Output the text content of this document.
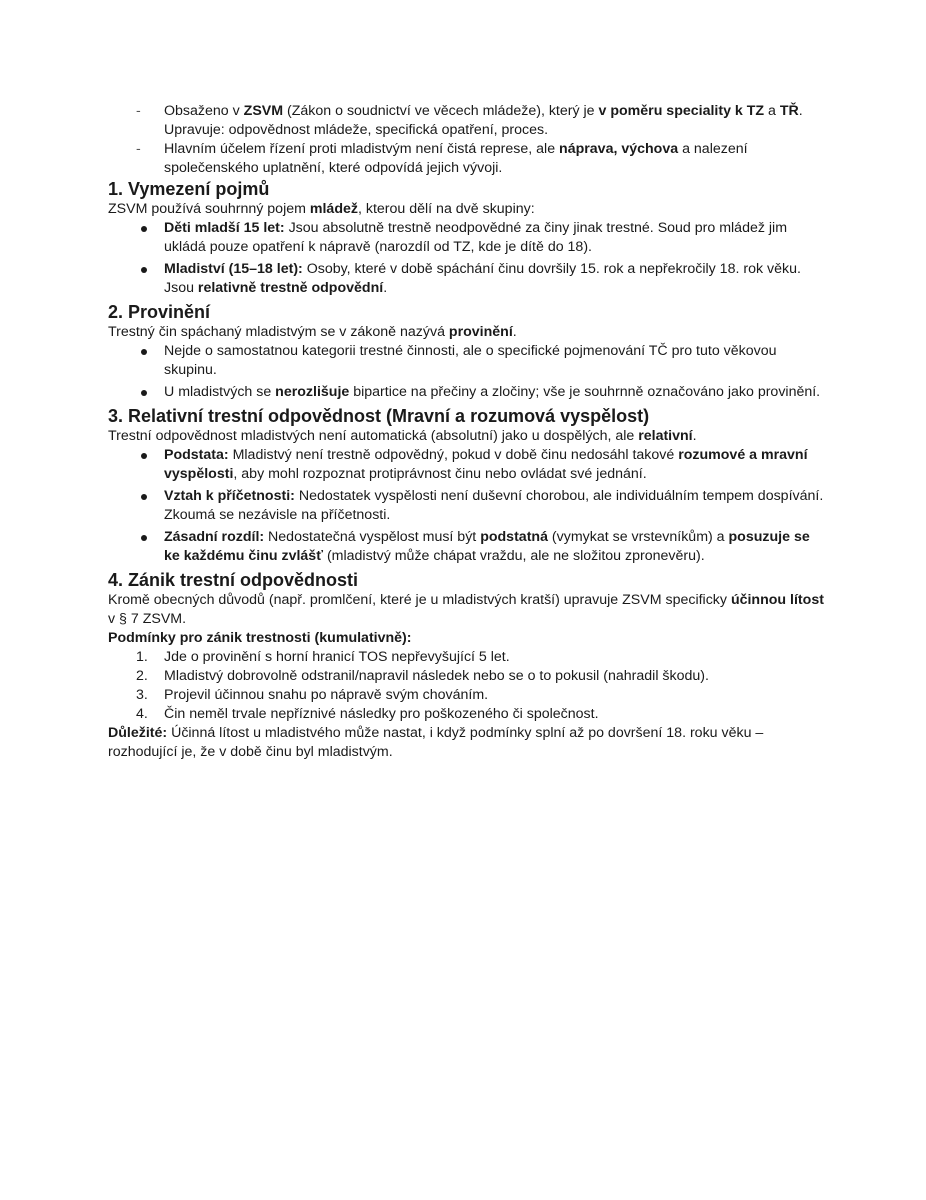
- Obsaženo v ZSVM (Zákon o soudnictví ve věcech mládeže), který je v poměru speciality k TZ a TŘ. Upravuje: odpovědnost mládeže, specifická opatření, proces.
- Hlavním účelem řízení proti mladistvým není čistá represe, ale náprava, výchova a nalezení společenského uplatnění, které odpovídá jejich vývoji.
1. Vymezení pojmů

ZSVM používá souhrnný pojem mládež, kterou dělí na dvě skupiny:

Děti mladší 15 let: Jsou absolutně trestně neodpovědné za činy jinak trestné. Soud pro mládež jim ukládá pouze opatření k nápravě (narozdíl od TZ, kde je dítě do 18).
Mladiství (15–18 let): Osoby, které v době spáchání činu dovršily 15. rok a nepřekročily 18. rok věku. Jsou relativně trestně odpovědní.
2. Provinění

Trestný čin spáchaný mladistvým se v zákoně nazývá provinění.

Nejde o samostatnou kategorii trestné činnosti, ale o specifické pojmenování TČ pro tuto věkovou skupinu.
U mladistvých se nerozlišuje bipartice na přečiny a zločiny; vše je souhrnně označováno jako provinění.
3. Relativní trestní odpovědnost (Mravní a rozumová vyspělost)

Trestní odpovědnost mladistvých není automatická (absolutní) jako u dospělých, ale relativní.

Podstata: Mladistvý není trestně odpovědný, pokud v době činu nedosáhl takové rozumové a mravní vyspělosti, aby mohl rozpoznat protiprávnost činu nebo ovládat své jednání.
Vztah k příčetnosti: Nedostatek vyspělosti není duševní chorobou, ale individuálním tempem dospívání. Zkoumá se nezávisle na příčetnosti.
Zásadní rozdíl: Nedostatečná vyspělost musí být podstatná (vymykat se vrstevníkům) a posuzuje se ke každému činu zvlášť (mladistvý může chápat vraždu, ale ne složitou zpronevěru).
4. Zánik trestní odpovědnosti

Kromě obecných důvodů (např. promlčení, které je u mladistvých kratší) upravuje ZSVM specificky účinnou lítost v § 7 ZSVM.

Podmínky pro zánik trestnosti (kumulativně):

1. Jde o provinění s horní hranicí TOS nepřevyšující 5 let.
2. Mladistvý dobrovolně odstranil/napravil následek nebo se o to pokusil (nahradil škodu).
3. Projevil účinnou snahu po nápravě svým chováním.
4. Čin neměl trvale nepříznivé následky pro poškozeného či společnost.

Důležité: Účinná lítost u mladistvého může nastat, i když podmínky splní až po dovršení 18. roku věku – rozhodující je, že v době činu byl mladistvým.
